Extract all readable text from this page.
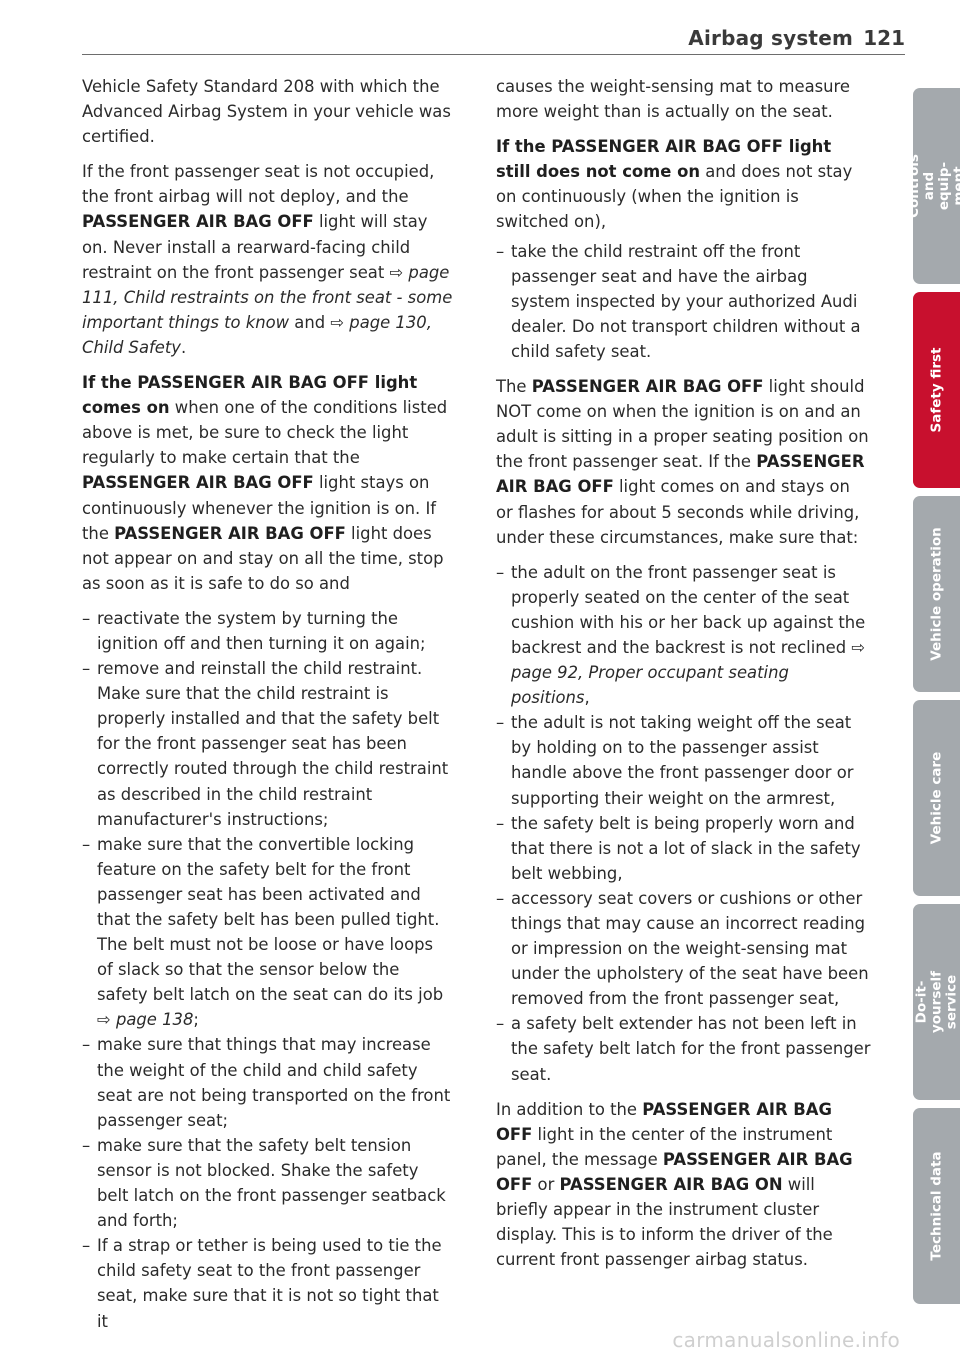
Airbag system 121

Vehicle Safety Standard 208 with which the Advanced Airbag System in your vehicle was certified.

If the front passenger seat is not occupied, the front airbag will not deploy, and the PASSENGER AIR BAG OFF light will stay on. Never install a rearward-facing child restraint on the front passenger seat ⇨ page 111, Child restraints on the front seat - some important things to know and ⇨ page 130, Child Safety.

If the PASSENGER AIR BAG OFF light comes on when one of the conditions listed above is met, be sure to check the light regularly to make certain that the PASSENGER AIR BAG OFF light stays on continuously whenever the ignition is on. If the PASSENGER AIR BAG OFF light does not appear on and stay on all the time, stop as soon as it is safe to do so and

– reactivate the system by turning the ignition off and then turning it on again;
– remove and reinstall the child restraint. Make sure that the child restraint is properly installed and that the safety belt for the front passenger seat has been correctly routed through the child restraint as described in the child restraint manufacturer's instructions;
– make sure that the convertible locking feature on the safety belt for the front passenger seat has been activated and that the safety belt has been pulled tight. The belt must not be loose or have loops of slack so that the sensor below the safety belt latch on the seat can do its job ⇨ page 138;
– make sure that things that may increase the weight of the child and child safety seat are not being transported on the front passenger seat;
– make sure that the safety belt tension sensor is not blocked. Shake the safety belt latch on the front passenger seatback and forth;
– If a strap or tether is being used to tie the child safety seat to the front passenger seat, make sure that it is not so tight that it

causes the weight-sensing mat to measure more weight than is actually on the seat.

If the PASSENGER AIR BAG OFF light still does not come on and does not stay on continuously (when the ignition is switched on),

– take the child restraint off the front passenger seat and have the airbag system inspected by your authorized Audi dealer. Do not transport children without a child safety seat.

The PASSENGER AIR BAG OFF light should NOT come on when the ignition is on and an adult is sitting in a proper seating position on the front passenger seat. If the PASSENGER AIR BAG OFF light comes on and stays on or flashes for about 5 seconds while driving, under these circumstances, make sure that:

– the adult on the front passenger seat is properly seated on the center of the seat cushion with his or her back up against the backrest and the backrest is not reclined ⇨ page 92, Proper occupant seating positions,
– the adult is not taking weight off the seat by holding on to the passenger assist handle above the front passenger door or supporting their weight on the armrest,
– the safety belt is being properly worn and that there is not a lot of slack in the safety belt webbing,
– accessory seat covers or cushions or other things that may cause an incorrect reading or impression on the weight-sensing mat under the upholstery of the seat have been removed from the front passenger seat,
– a safety belt extender has not been left in the safety belt latch for the front passenger seat.

In addition to the PASSENGER AIR BAG OFF light in the center of the instrument panel, the message PASSENGER AIR BAG OFF or PASSENGER AIR BAG ON will briefly appear in the instrument cluster display. This is to inform the driver of the current front passenger airbag status.

Controls and equip-
ment
Safety first
Vehicle operation
Vehicle care
Do-it-yourself
service
Technical data
carmanualsonline.info
